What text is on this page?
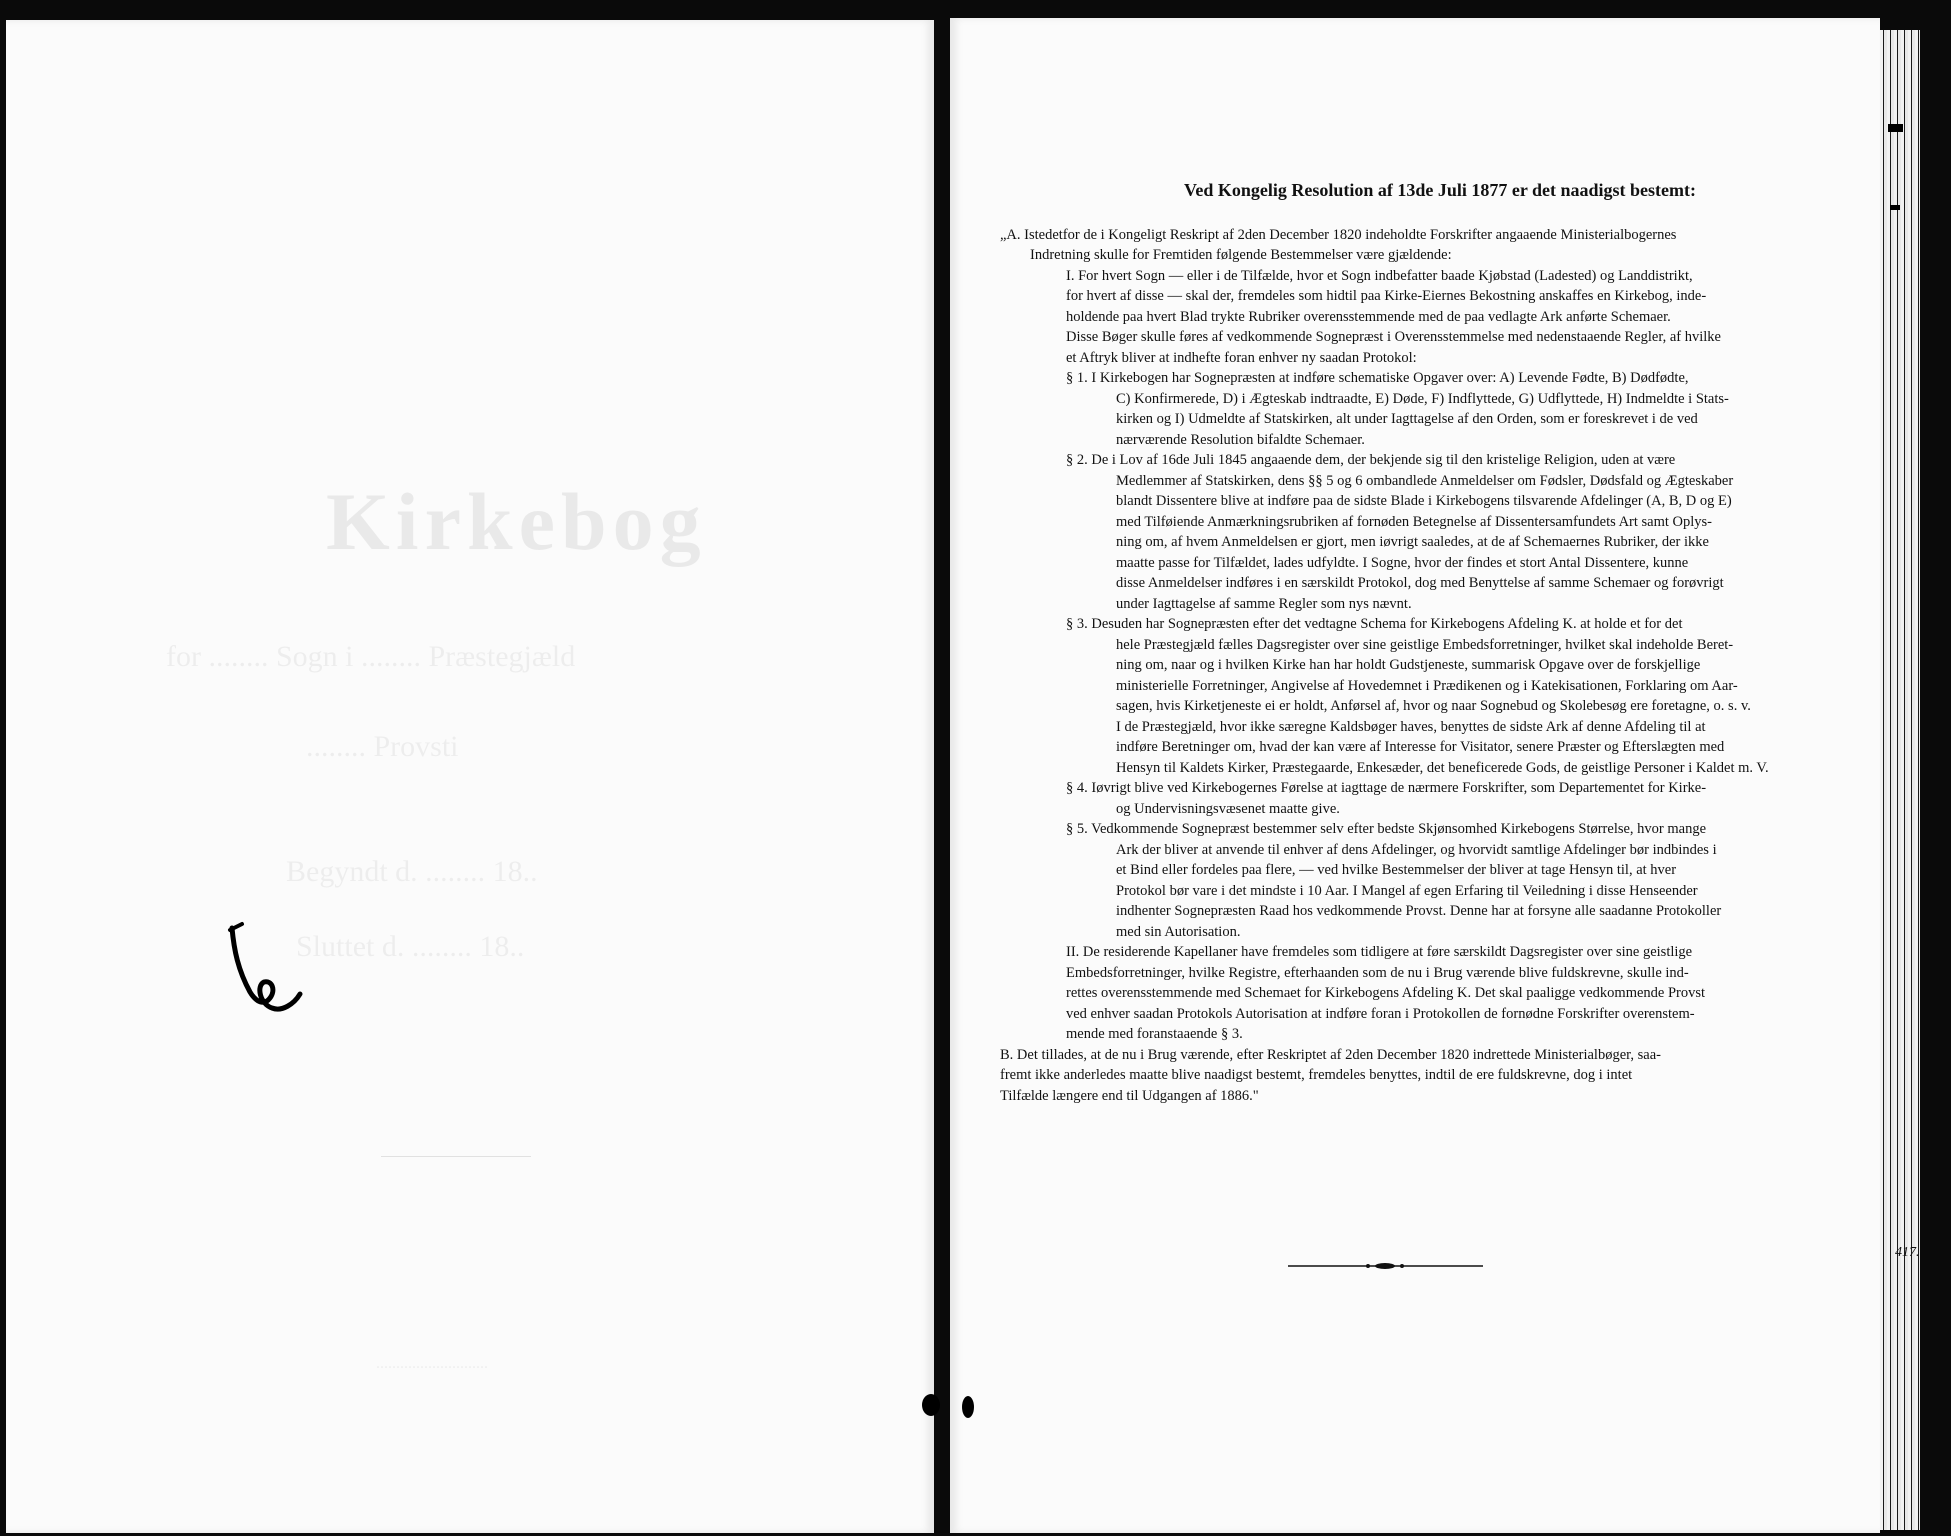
Kirkebog
for ........ Sogn i ........ Præstegjæld
........ Provsti
Begyndt d. ........ 18..
Sluttet d. ........ 18..
............................
Ved Kongelig Resolution af 13de Juli 1877 er det naadigst bestemt:
„A. Istedetfor de i Kongeligt Reskript af 2den December 1820 indeholdte Forskrifter angaaende Ministerialbogernes
Indretning skulle for Fremtiden følgende Bestemmelser være gjældende:
I. For hvert Sogn — eller i de Tilfælde, hvor et Sogn indbefatter baade Kjøbstad (Ladested) og Landdistrikt,
for hvert af disse — skal der, fremdeles som hidtil paa Kirke-Eiernes Bekostning anskaffes en Kirkebog, inde-
holdende paa hvert Blad trykte Rubriker overensstemmende med de paa vedlagte Ark anførte Schemaer.
Disse Bøger skulle føres af vedkommende Sognepræst i Overensstemmelse med nedenstaaende Regler, af hvilke
et Aftryk bliver at indhefte foran enhver ny saadan Protokol:
§ 1. I Kirkebogen har Sognepræsten at indføre schematiske Opgaver over: A) Levende Fødte, B) Dødfødte,
C) Konfirmerede, D) i Ægteskab indtraadte, E) Døde, F) Indflyttede, G) Udflyttede, H) Indmeldte i Stats-
kirken og I) Udmeldte af Statskirken, alt under Iagttagelse af den Orden, som er foreskrevet i de ved
nærværende Resolution bifaldte Schemaer.
§ 2. De i Lov af 16de Juli 1845 angaaende dem, der bekjende sig til den kristelige Religion, uden at være
Medlemmer af Statskirken, dens §§ 5 og 6 ombandlede Anmeldelser om Fødsler, Dødsfald og Ægteskaber
blandt Dissentere blive at indføre paa de sidste Blade i Kirkebogens tilsvarende Afdelinger (A, B, D og E)
med Tilføiende Anmærkningsrubriken af fornøden Betegnelse af Dissentersamfundets Art samt Oplys-
ning om, af hvem Anmeldelsen er gjort, men iøvrigt saaledes, at de af Schemaernes Rubriker, der ikke
maatte passe for Tilfældet, lades udfyldte. I Sogne, hvor der findes et stort Antal Dissentere, kunne
disse Anmeldelser indføres i en særskildt Protokol, dog med Benyttelse af samme Schemaer og forøvrigt
under Iagttagelse af samme Regler som nys nævnt.
§ 3. Desuden har Sognepræsten efter det vedtagne Schema for Kirkebogens Afdeling K. at holde et for det
hele Præstegjæld fælles Dagsregister over sine geistlige Embedsforretninger, hvilket skal indeholde Beret-
ning om, naar og i hvilken Kirke han har holdt Gudstjeneste, summarisk Opgave over de forskjellige
ministerielle Forretninger, Angivelse af Hovedemnet i Prædikenen og i Katekisationen, Forklaring om Aar-
sagen, hvis Kirketjeneste ei er holdt, Anførsel af, hvor og naar Sognebud og Skolebesøg ere foretagne, o. s. v.
I de Præstegjæld, hvor ikke særegne Kaldsbøger haves, benyttes de sidste Ark af denne Afdeling til at
indføre Beretninger om, hvad der kan være af Interesse for Visitator, senere Præster og Efterslægten med
Hensyn til Kaldets Kirker, Præstegaarde, Enkesæder, det beneficerede Gods, de geistlige Personer i Kaldet m. V.
§ 4. Iøvrigt blive ved Kirkebogernes Førelse at iagttage de nærmere Forskrifter, som Departementet for Kirke-
og Undervisningsvæsenet maatte give.
§ 5. Vedkommende Sognepræst bestemmer selv efter bedste Skjønsomhed Kirkebogens Størrelse, hvor mange
Ark der bliver at anvende til enhver af dens Afdelinger, og hvorvidt samtlige Afdelinger bør indbindes i
et Bind eller fordeles paa flere, — ved hvilke Bestemmelser der bliver at tage Hensyn til, at hver
Protokol bør vare i det mindste i 10 Aar. I Mangel af egen Erfaring til Veiledning i disse Henseender
indhenter Sognepræsten Raad hos vedkommende Provst. Denne har at forsyne alle saadanne Protokoller
med sin Autorisation.
II. De residerende Kapellaner have fremdeles som tidligere at føre særskildt Dagsregister over sine geistlige
Embedsforretninger, hvilke Registre, efterhaanden som de nu i Brug værende blive fuldskrevne, skulle ind-
rettes overensstemmende med Schemaet for Kirkebogens Afdeling K. Det skal paaligge vedkommende Provst
ved enhver saadan Protokols Autorisation at indføre foran i Protokollen de fornødne Forskrifter overenstem-
mende med foranstaaende § 3.
B. Det tillades, at de nu i Brug værende, efter Reskriptet af 2den December 1820 indrettede Ministerialbøger, saa-
fremt ikke anderledes maatte blive naadigst bestemt, fremdeles benyttes, indtil de ere fuldskrevne, dog i intet
Tilfælde længere end til Udgangen af 1886."
417.
